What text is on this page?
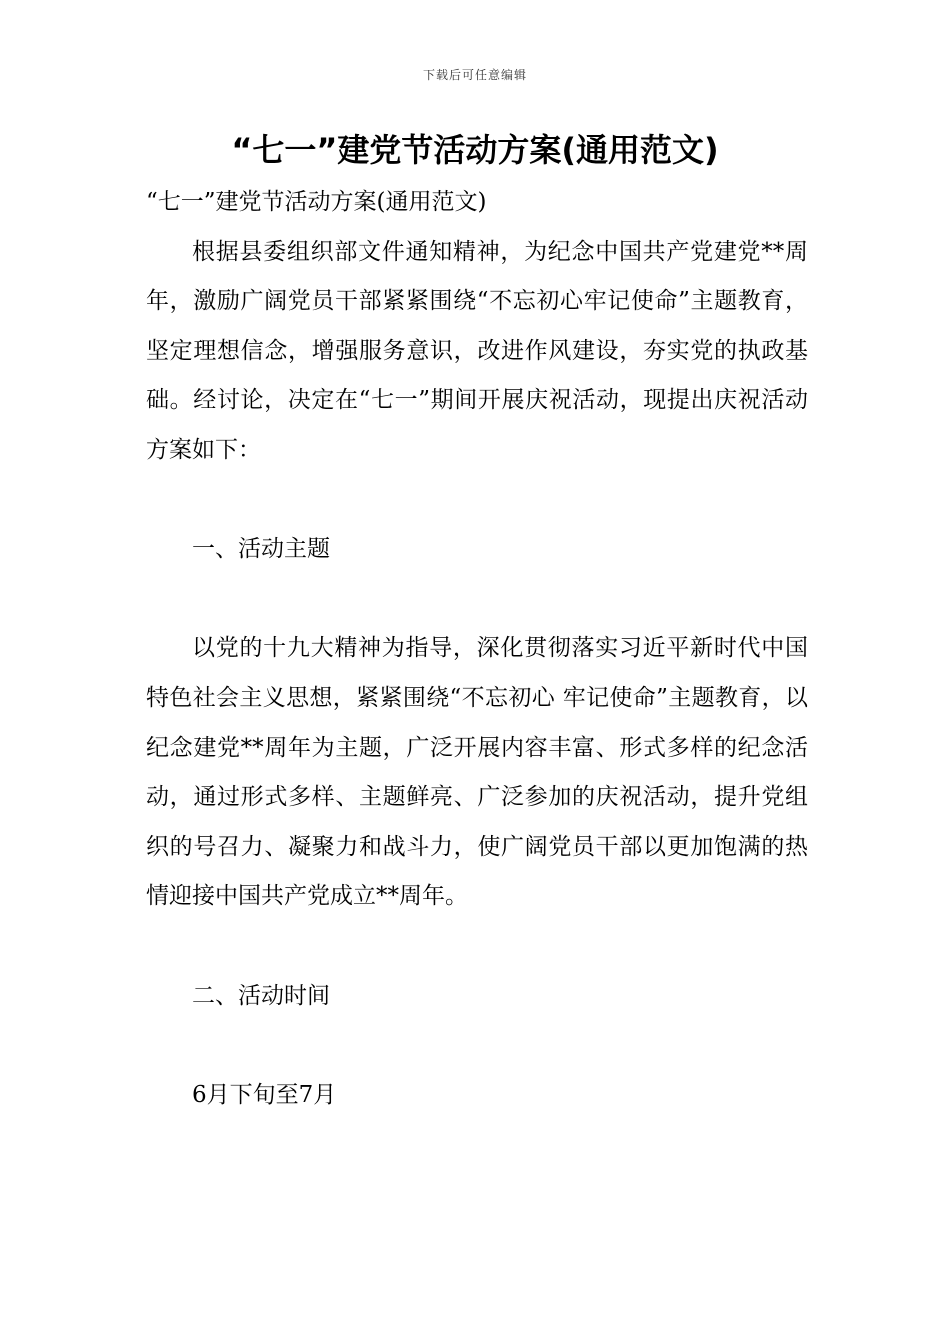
下载后可任意编辑
“七一”建党节活动方案(通用范文)

“七一”建党节活动方案(通用范文)

根据县委组织部文件通知精神，为纪念中国共产党建党**周年，激励广阔党员干部紧紧围绕“不忘初心牢记使命”主题教育，坚定理想信念，增强服务意识，改进作风建设，夯实党的执政基础。经讨论，决定在“七一”期间开展庆祝活动，现提出庆祝活动方案如下：

一、活动主题

以党的十九大精神为指导，深化贯彻落实习近平新时代中国特色社会主义思想，紧紧围绕“不忘初心 牢记使命”主题教育，以纪念建党**周年为主题，广泛开展内容丰富、形式多样的纪念活动，通过形式多样、主题鲜亮、广泛参加的庆祝活动，提升党组织的号召力、凝聚力和战斗力，使广阔党员干部以更加饱满的热情迎接中国共产党成立**周年。

二、活动时间

6月下旬至7月
